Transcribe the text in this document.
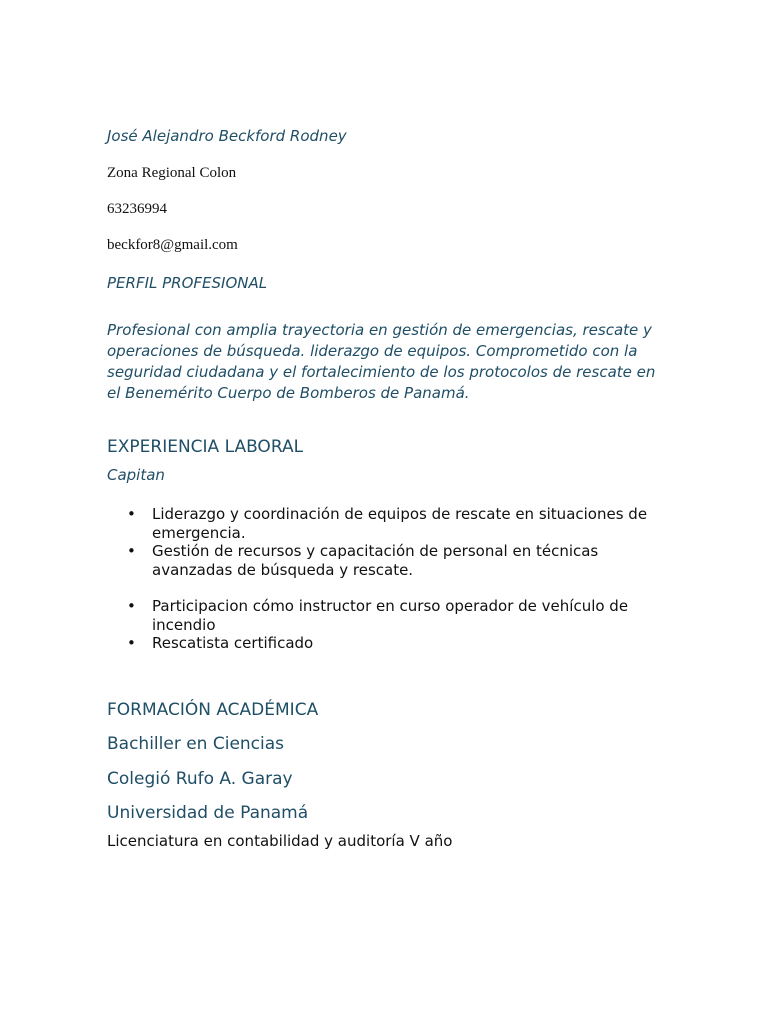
José Alejandro Beckford Rodney

Zona Regional Colon

63236994

beckfor8@gmail.com

PERFIL PROFESIONAL

Profesional con amplia trayectoria en gestión de emergencias, rescate y operaciones de búsqueda. liderazgo de equipos. Comprometido con la seguridad ciudadana y el fortalecimiento de los protocolos de rescate en el Benemérito Cuerpo de Bomberos de Panamá.

EXPERIENCIA LABORAL

Capitan

• Liderazgo y coordinación de equipos de rescate en situaciones de emergencia.
• Gestión de recursos y capacitación de personal en técnicas avanzadas de búsqueda y rescate.
• Participacion cómo instructor en curso operador de vehículo de incendio
• Rescatista certificado

FORMACIÓN ACADÉMICA

Bachiller en Ciencias

Colegió Rufo A. Garay

Universidad de Panamá

Licenciatura en contabilidad y auditoría V año
